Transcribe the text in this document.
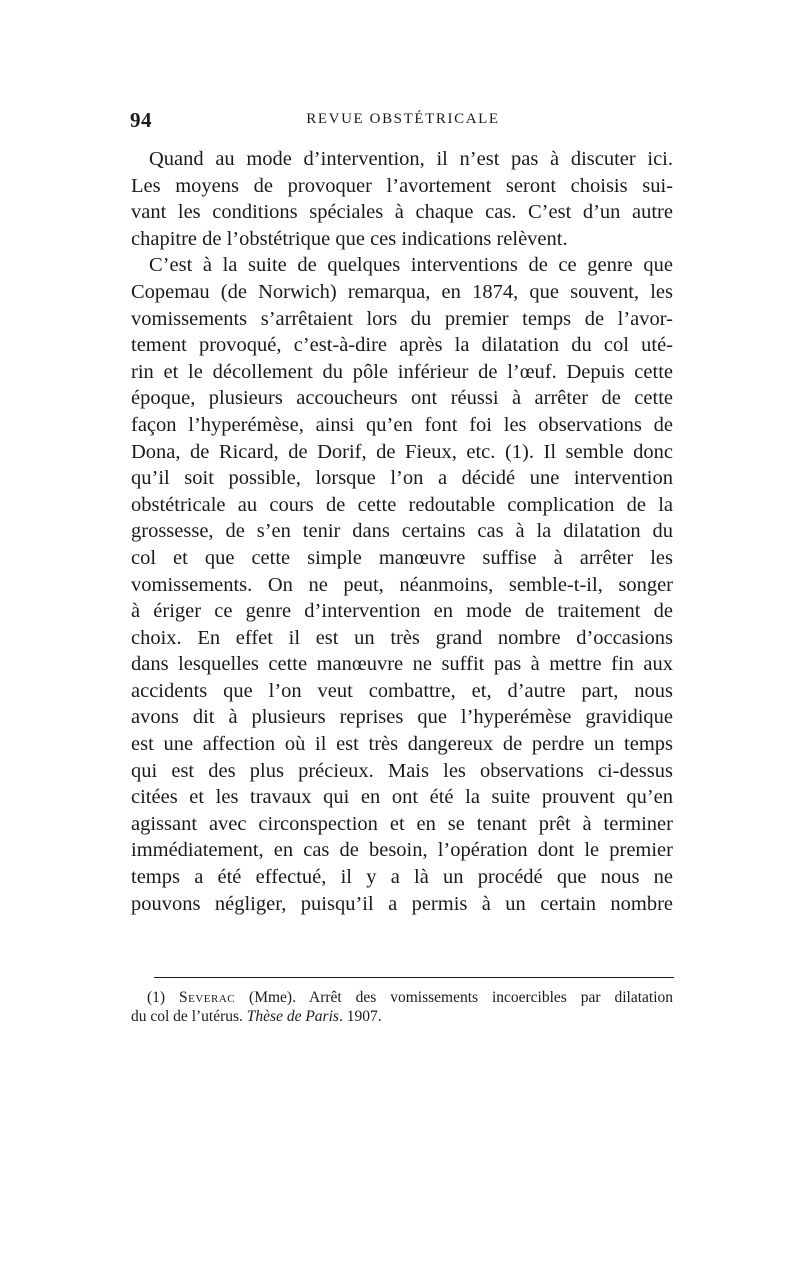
94	REVUE OBSTÉTRICALE
Quand au mode d’intervention, il n’est pas à discuter ici.
Les moyens de provoquer l’avortement seront choisis sui-
vant les conditions spéciales à chaque cas. C’est d’un autre
chapitre de l’obstétrique que ces indications relèvent.
C’est à la suite de quelques interventions de ce genre que
Copemau (de Norwich) remarqua, en 1874, que souvent, les
vomissements s’arrêtaient lors du premier temps de l’avor-
tement provoqué, c’est-à-dire après la dilatation du col uté-
rin et le décollement du pôle inférieur de l’œuf. Depuis cette
époque, plusieurs accoucheurs ont réussi à arrêter de cette
façon l’hyperémèse, ainsi qu’en font foi les observations de
Dona, de Ricard, de Dorif, de Fieux, etc. (1). Il semble donc
qu’il soit possible, lorsque l’on a décidé une intervention
obstétricale au cours de cette redoutable complication de la
grossesse, de s’en tenir dans certains cas à la dilatation du
col et que cette simple manœuvre suffise à arrêter les
vomissements. On ne peut, néanmoins, semble-t-il, songer
à ériger ce genre d’intervention en mode de traitement de
choix. En effet il est un très grand nombre d’occasions
dans lesquelles cette manœuvre ne suffit pas à mettre fin aux
accidents que l’on veut combattre, et, d’autre part, nous
avons dit à plusieurs reprises que l’hyperémèse gravidique
est une affection où il est très dangereux de perdre un temps
qui est des plus précieux. Mais les observations ci-dessus
citées et les travaux qui en ont été la suite prouvent qu’en
agissant avec circonspection et en se tenant prêt à terminer
immédiatement, en cas de besoin, l’opération dont le premier
temps a été effectué, il y a là un procédé que nous ne
pouvons négliger, puisqu’il a permis à un certain nombre
(1) Severac (Mme). Arrêt des vomissements incoercibles par dilatation
du col de l’utérus. Thèse de Paris. 1907.
